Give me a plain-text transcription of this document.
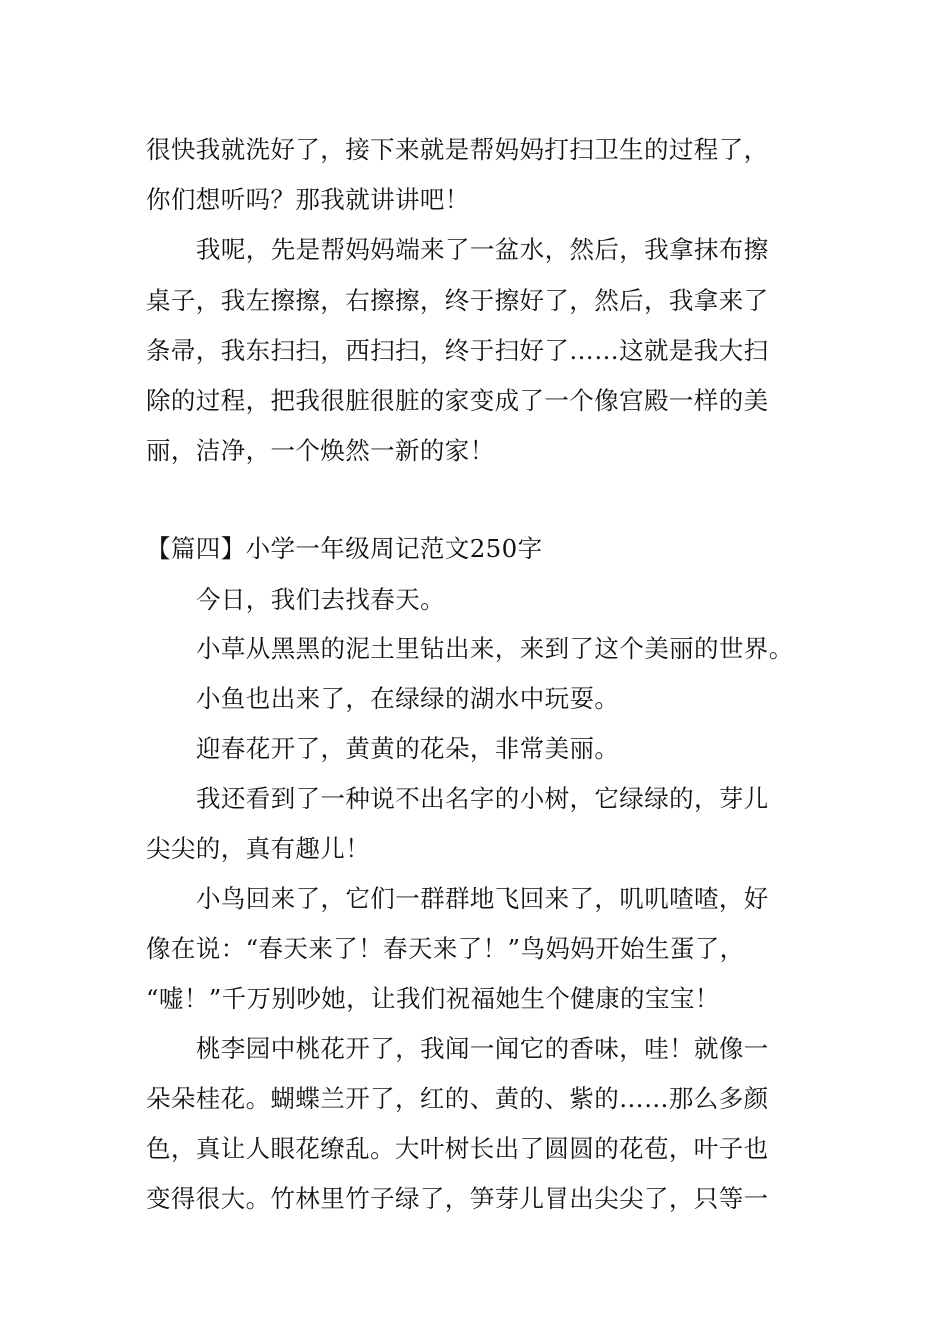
很快我就洗好了，接下来就是帮妈妈打扫卫生的过程了，
你们想听吗？那我就讲讲吧！
我呢，先是帮妈妈端来了一盆水，然后，我拿抹布擦
桌子，我左擦擦，右擦擦，终于擦好了，然后，我拿来了
条帚，我东扫扫，西扫扫，终于扫好了……这就是我大扫
除的过程，把我很脏很脏的家变成了一个像宫殿一样的美
丽，洁净，一个焕然一新的家！
【篇四】小学一年级周记范文250字
今日，我们去找春天。
小草从黑黑的泥土里钻出来，来到了这个美丽的世界。
小鱼也出来了，在绿绿的湖水中玩耍。
迎春花开了，黄黄的花朵，非常美丽。
我还看到了一种说不出名字的小树，它绿绿的，芽儿
尖尖的，真有趣儿！
小鸟回来了，它们一群群地飞回来了，叽叽喳喳，好
像在说：“春天来了！春天来了！”鸟妈妈开始生蛋了，
“嘘！”千万别吵她，让我们祝福她生个健康的宝宝！
桃李园中桃花开了，我闻一闻它的香味，哇！就像一
朵朵桂花。蝴蝶兰开了，红的、黄的、紫的……那么多颜
色，真让人眼花缭乱。大叶树长出了圆圆的花苞，叶子也
变得很大。竹林里竹子绿了，笋芽儿冒出尖尖了，只等一
